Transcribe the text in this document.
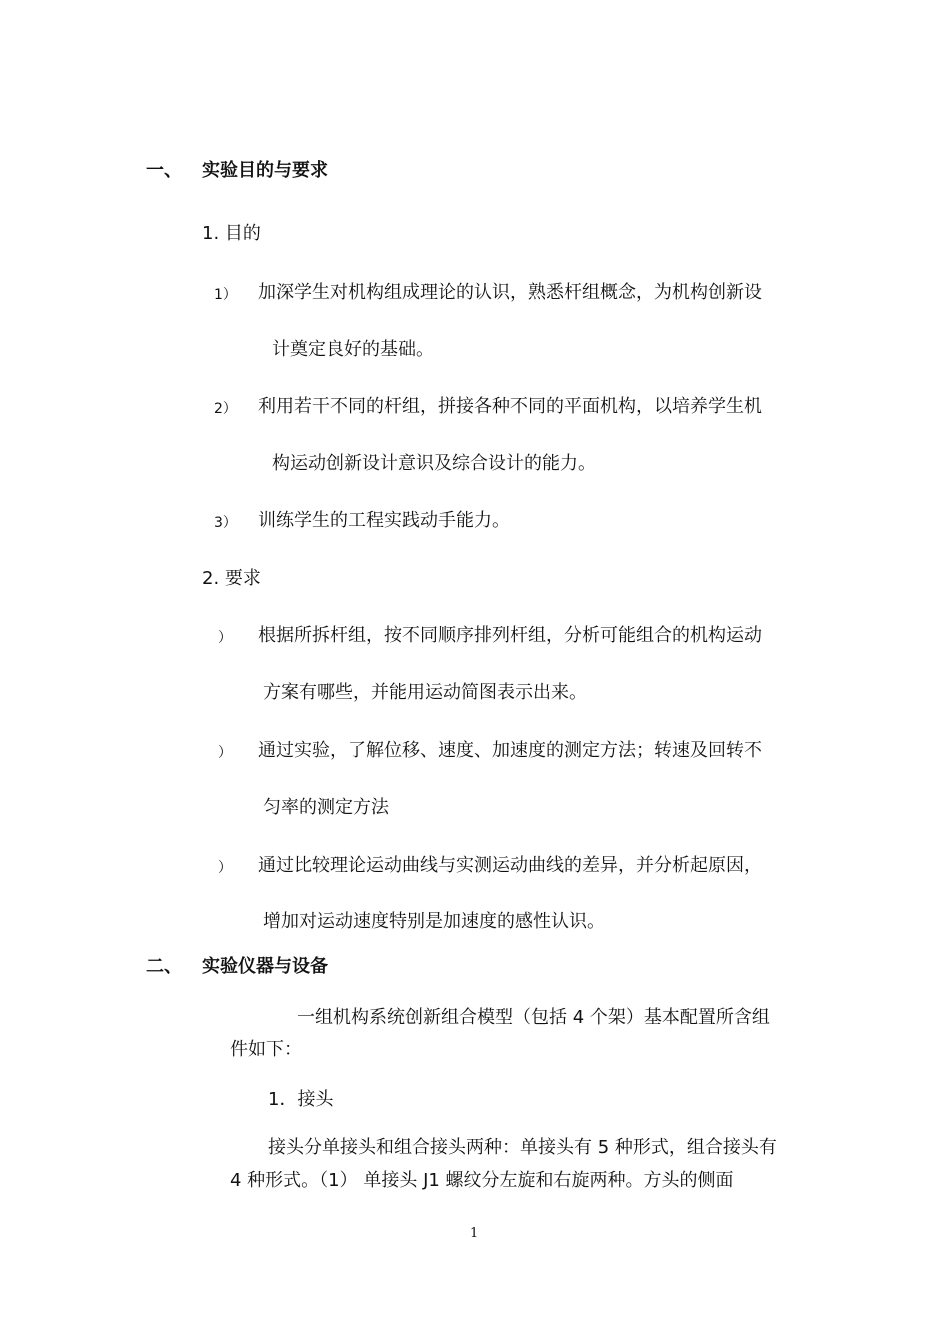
一、 实验目的与要求
1. 目的
1） 加深学生对机构组成理论的认识，熟悉杆组概念，为机构创新设
计奠定良好的基础。
2） 利用若干不同的杆组，拼接各种不同的平面机构，以培养学生机
构运动创新设计意识及综合设计的能力。
3） 训练学生的工程实践动手能力。
2. 要求
） 根据所拆杆组，按不同顺序排列杆组，分析可能组合的机构运动
方案有哪些，并能用运动简图表示出来。
） 通过实验，了解位移、速度、加速度的测定方法；转速及回转不
匀率的测定方法
） 通过比较理论运动曲线与实测运动曲线的差异，并分析起原因，
增加对运动速度特别是加速度的感性认识。
二、 实验仪器与设备
一组机构系统创新组合模型（包括 4 个架）基本配置所含组
件如下：
1．接头
接头分单接头和组合接头两种：单接头有 5 种形式，组合接头有
4 种形式。（1） 单接头 J1 螺纹分左旋和右旋两种。方头的侧面
1
